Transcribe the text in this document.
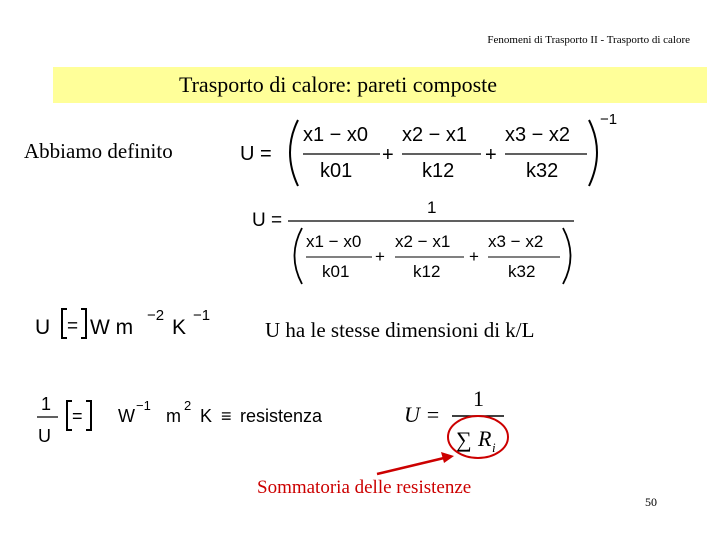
Fenomeni di Trasporto II - Trasporto di calore
Trasporto di calore: pareti composte
Abbiamo definito	U =
x1 − x0
k01
+
x2 − x1
k12
+
x3 − x2
k32
−1
U =
1
x1 − x0
k01
+
x2 − x1
k12
+
x3 − x2
k32
U = W m
−2
K
−1
1
U
= W
−1
m
2
K ≡ resistenza	U =
1
∑ R i
U ha le stesse dimensioni di k/L
Sommatoria delle resistenze
50
